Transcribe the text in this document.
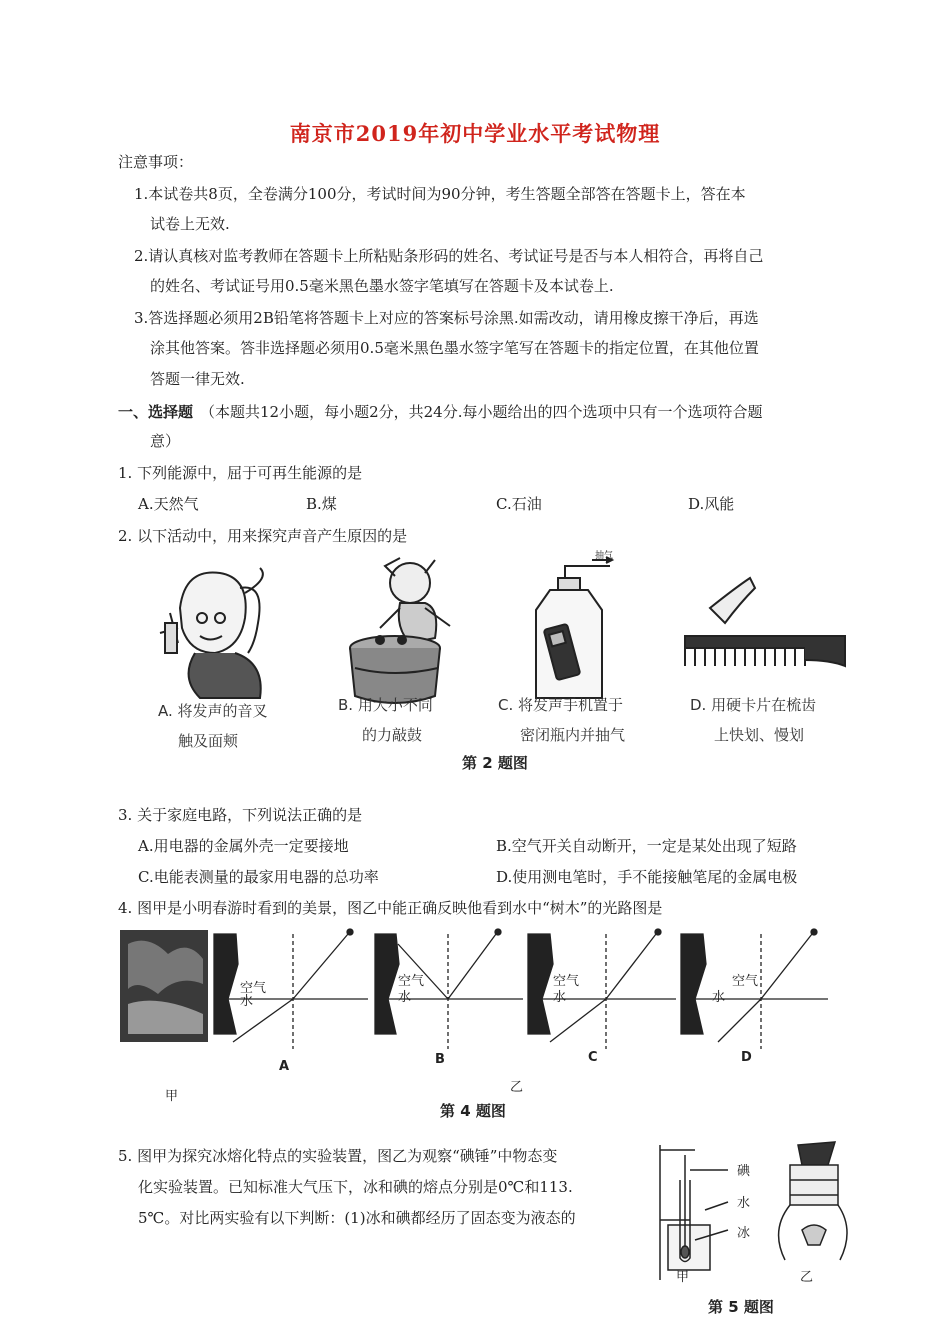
南京市2019年初中学业水平考试物理
注意事项：
1.本试卷共8页，全卷满分100分，考试时间为90分钟，考生答题全部答在答题卡上，答在本
试卷上无效.
2.请认真核对监考教师在答题卡上所粘贴条形码的姓名、考试证号是否与本人相符合，再将自己
的姓名、考试证号用0.5毫米黑色墨水签字笔填写在答题卡及本试卷上.
3.答选择题必须用2B铅笔将答题卡上对应的答案标号涂黑.如需改动，请用橡皮擦干净后，再选
涂其他答案。答非选择题必须用0.5毫米黑色墨水签字笔写在答题卡的指定位置，在其他位置
答题一律无效.
一、选择题 （本题共12小题，每小题2分，共24分.每小题给出的四个选项中只有一个选项符合题
意）
1. 下列能源中，屈于可再生能源的是
A.天然气	B.煤	C.石油	D.风能
2. 以下活动中，用来探究声音产生原因的是
抽气
A. 将发声的音叉
触及面颊
B. 用大小不同
的力敲鼓
C. 将发声手机置于
密闭瓶内并抽气
D. 用硬卡片在梳齿
上快划、慢划
第 2 题图
3. 关于家庭电路，下列说法正确的是
A.用电器的金属外壳一定要接地	B.空气开关自动断开，一定是某处出现了短路
C.电能表测量的最家用电器的总功率	D.使用测电笔时，手不能接触笔尾的金属电极
4. 图甲是小明春游时看到的美景，图乙中能正确反映他看到水中“树木”的光路图是
空气
水
空气
水
空气
水
空气
水
A	B	C	D
甲
乙
第 4 题图
5. 图甲为探究冰熔化特点的实验装置，图乙为观察“碘锤”中物态变
化实验装置。已知标准大气压下，冰和碘的熔点分别是0℃和113.
5℃。对比两实验有以下判断：(1)冰和碘都经历了固态变为液态的
碘
水
冰
甲	乙
第 5 题图
